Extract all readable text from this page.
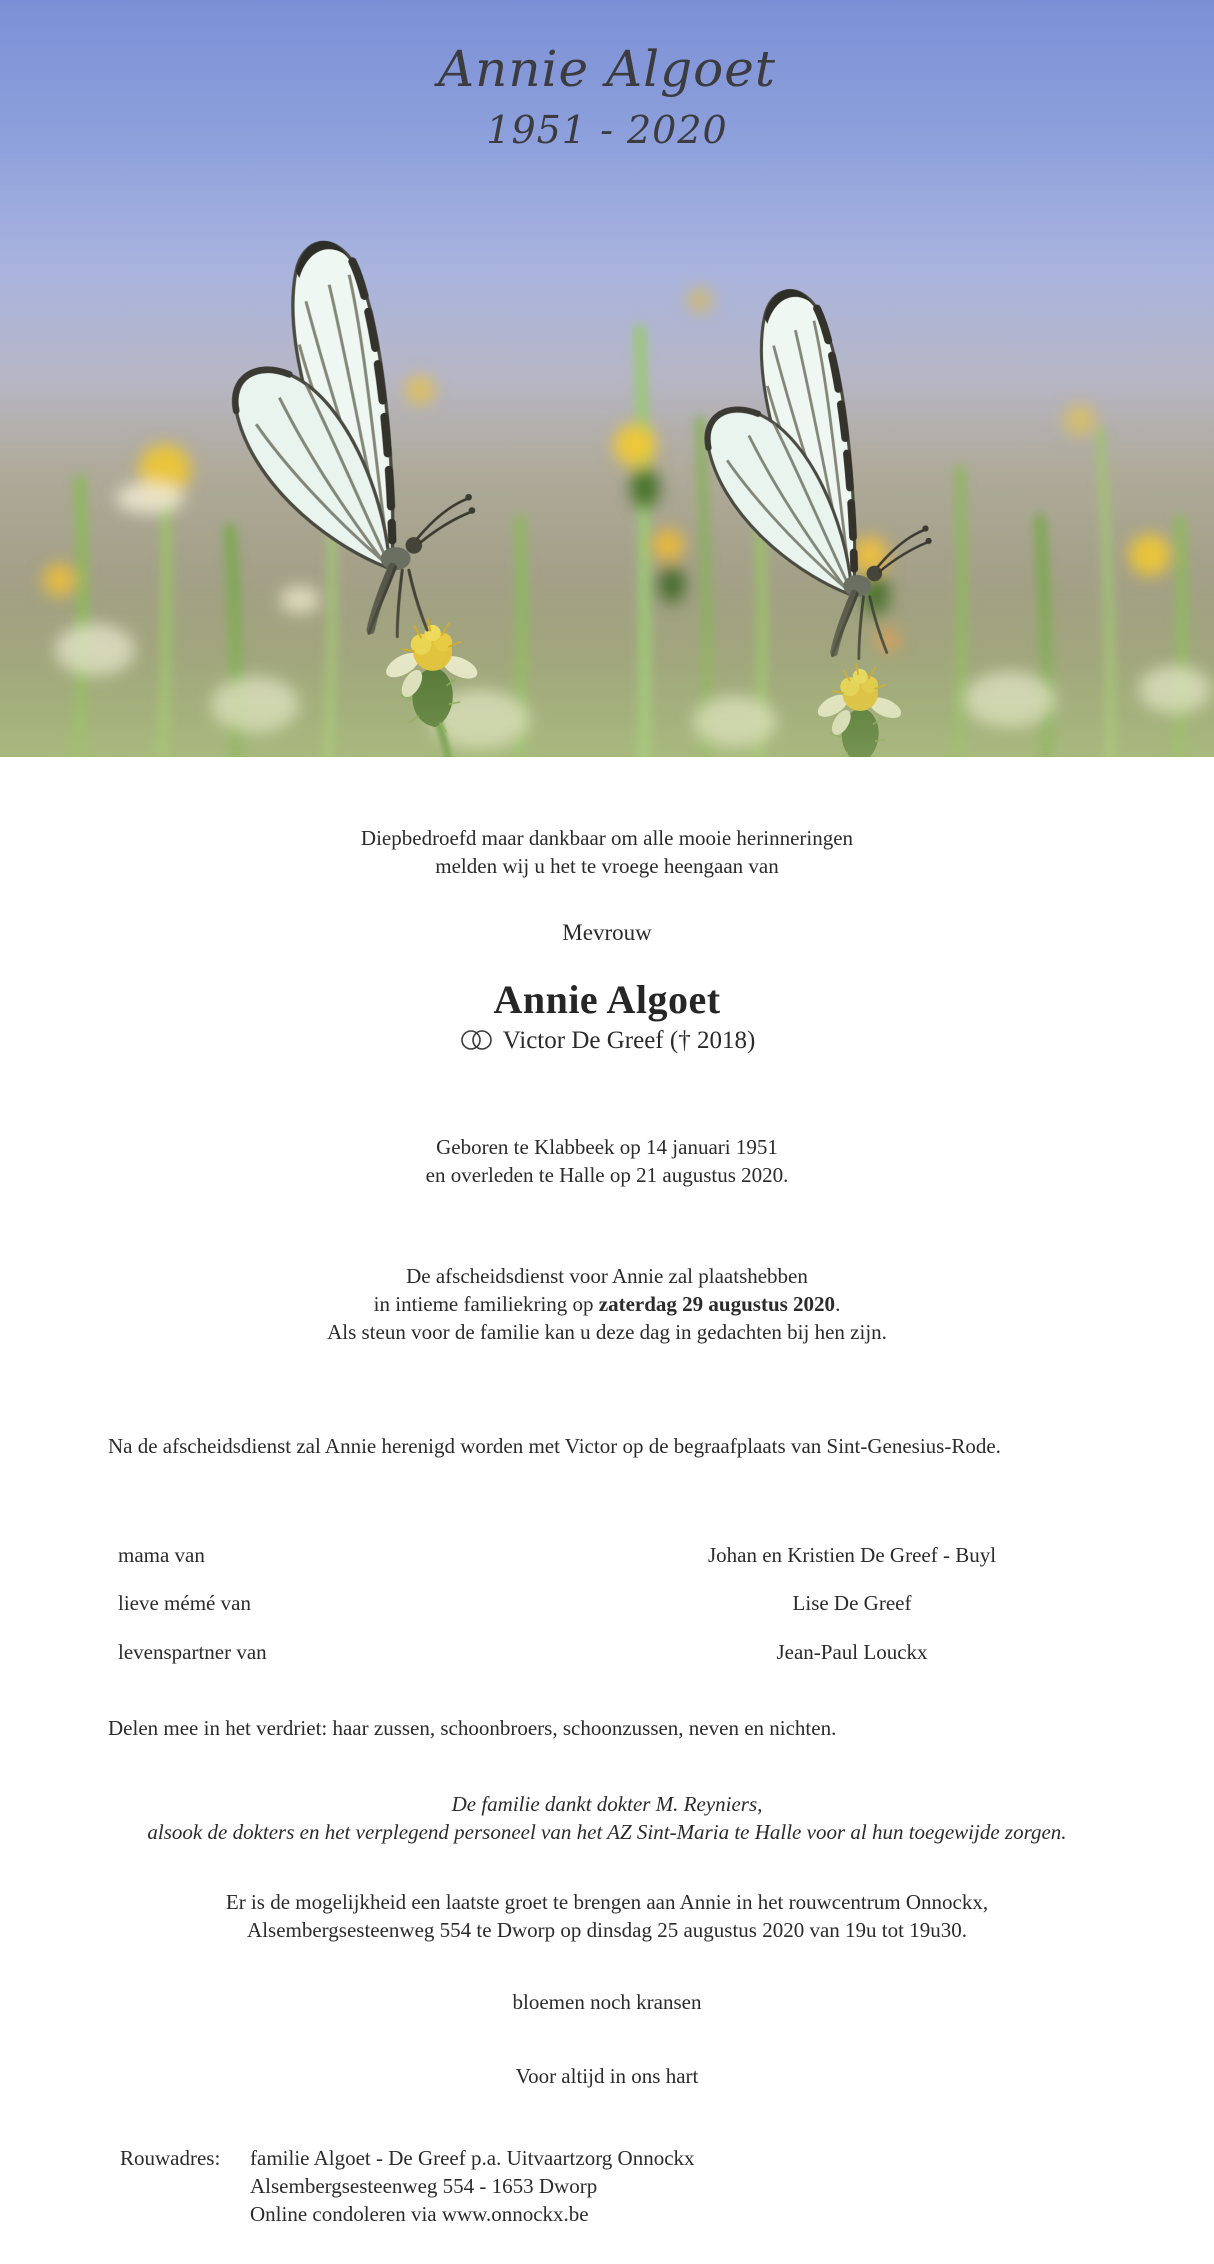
Annie Algoet
1951 - 2020
Diepbedroefd maar dankbaar om alle mooie herinneringen
melden wij u het te vroege heengaan van
Mevrouw
Annie Algoet
Victor De Greef († 2018)
Geboren te Klabbeek op 14 januari 1951
en overleden te Halle op 21 augustus 2020.
De afscheidsdienst voor Annie zal plaatshebben
in intieme familiekring op zaterdag 29 augustus 2020.
Als steun voor de familie kan u deze dag in gedachten bij hen zijn.
Na de afscheidsdienst zal Annie herenigd worden met Victor op de begraafplaats van Sint-Genesius-Rode.
mama van	Johan en Kristien De Greef - Buyl
lieve mémé van	Lise De Greef
levenspartner van	Jean-Paul Louckx
Delen mee in het verdriet: haar zussen, schoonbroers, schoonzussen, neven en nichten.
De familie dankt dokter M. Reyniers,
alsook de dokters en het verplegend personeel van het AZ Sint-Maria te Halle voor al hun toegewijde zorgen.
Er is de mogelijkheid een laatste groet te brengen aan Annie in het rouwcentrum Onnockx,
Alsembergsesteenweg 554 te Dworp op dinsdag 25 augustus 2020 van 19u tot 19u30.
bloemen noch kransen
Voor altijd in ons hart
Rouwadres: familie Algoet - De Greef p.a. Uitvaartzorg Onnockx
Alsembergsesteenweg 554 - 1653 Dworp
Online condoleren via www.onnockx.be
